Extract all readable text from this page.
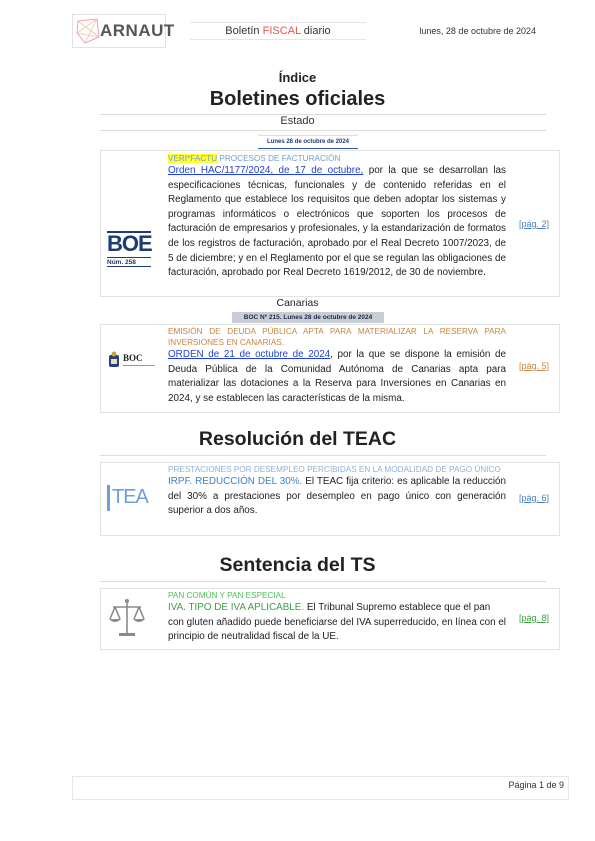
ARNAUT	Boletín FISCAL diario	lunes, 28 de octubre de 2024
Índice
Boletines oficiales
Estado
Lunes 28 de octubre de 2024
BOE
Núm. 258
VERI*FACTU PROCESOS DE FACTURACIÓN
Orden HAC/1177/2024, de 17 de octubre, por la que se desarrollan las especificaciones técnicas, funcionales y de contenido referidas en el Reglamento que establece los requisitos que deben adoptar los sistemas y programas informáticos o electrónicos que soporten los procesos de facturación de empresarios y profesionales, y la estandarización de formatos de los registros de facturación, aprobado por el Real Decreto 1007/2023, de 5 de diciembre; y en el Reglamento por el que se regulan las obligaciones de facturación, aprobado por Real Decreto 1619/2012, de 30 de noviembre.
[pág. 2]
Canarias
BOC Nº 215. Lunes 28 de octubre de 2024
BOC
EMISIÓN DE DEUDA PÚBLICA APTA PARA MATERIALIZAR LA RESERVA PARA INVERSIONES EN CANARIAS.
ORDEN de 21 de octubre de 2024, por la que se dispone la emisión de Deuda Pública de la Comunidad Autónoma de Canarias apta para materializar las dotaciones a la Reserva para Inversiones en Canarias en 2024, y se establecen las características de la misma.
[pág. 5]
Resolución del TEAC
TEA
PRESTACIONES POR DESEMPLEO PERCIBIDAS EN LA MODALIDAD DE PAGO ÚNICO
IRPF. REDUCCIÓN DEL 30%. El TEAC fija criterio: es aplicable la reducción del 30% a prestaciones por desempleo en pago único con generación superior a dos años.
[pág. 6]
Sentencia del TS
PAN COMÚN Y PAN ESPECIAL
IVA. TIPO DE IVA APLICABLE. El Tribunal Supremo establece que el pan con gluten añadido puede beneficiarse del IVA superreducido, en línea con el principio de neutralidad fiscal de la UE.
[pág. 8]
Página 1 de 9
